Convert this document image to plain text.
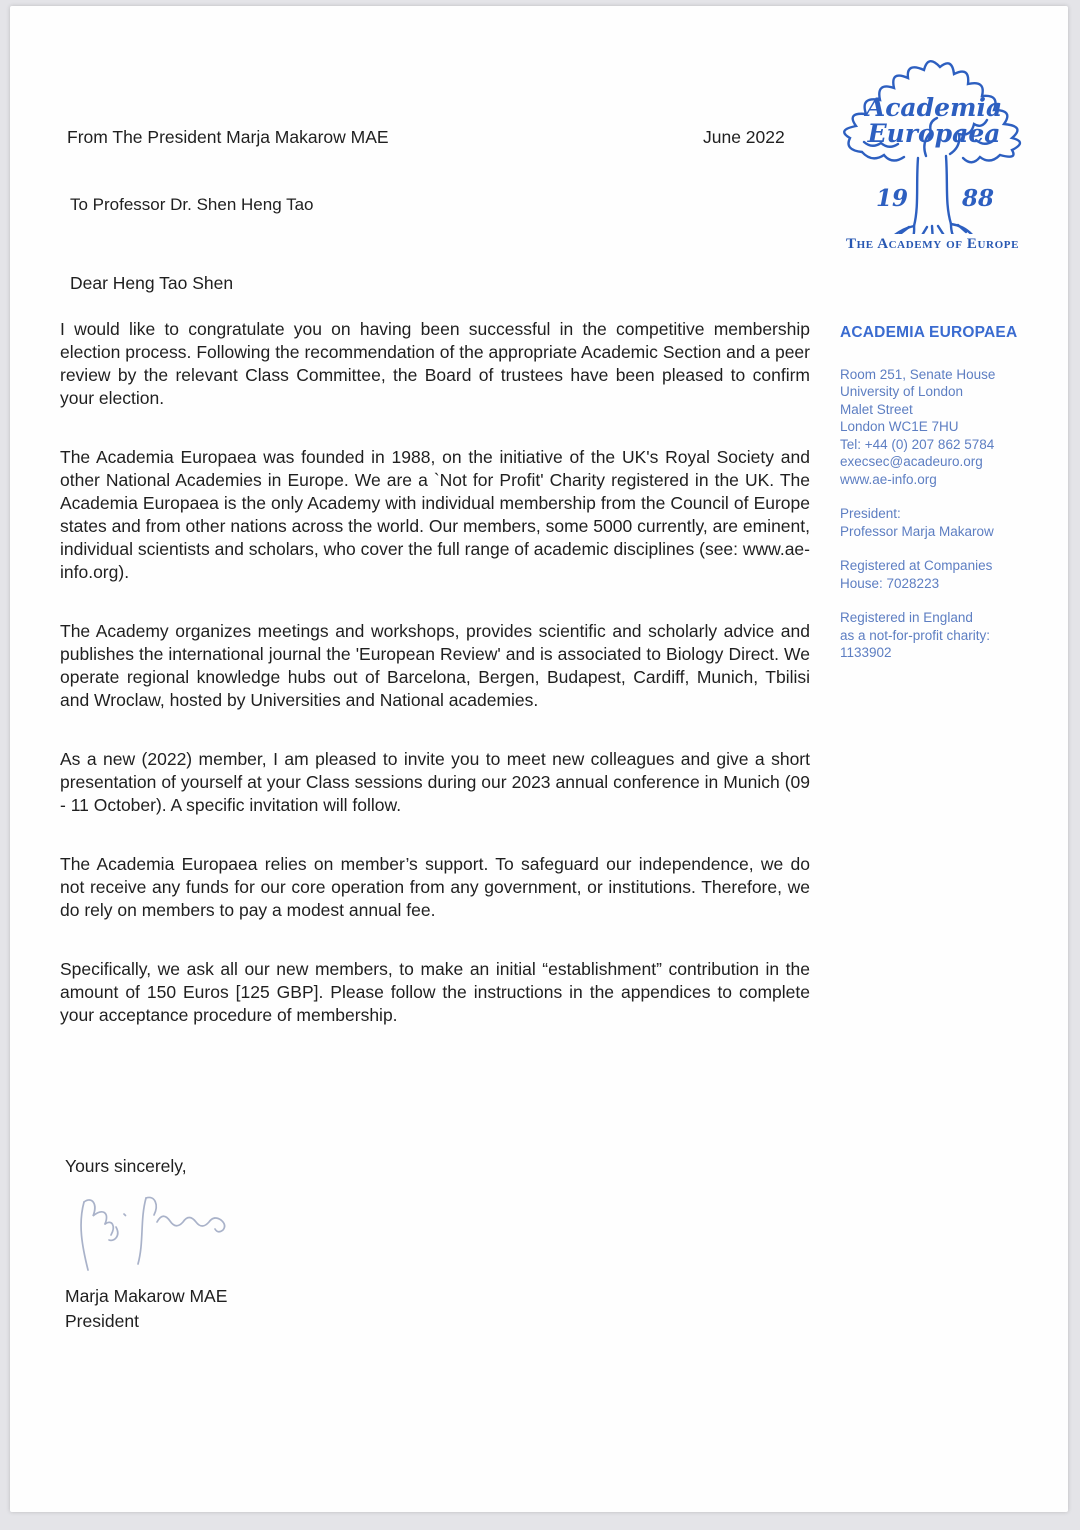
From The President Marja Makarow MAE	June 2022
To Professor Dr. Shen Heng Tao
Dear Heng Tao Shen
Academia
Europaea
19 88
The Academy of Europe
ACADEMIA EUROPAEA
Room 251, Senate House
University of London
Malet Street
London WC1E 7HU
Tel: +44 (0) 207 862 5784
execsec@acadeuro.org
www.ae-info.org
President:
Professor Marja Makarow
Registered at Companies
House: 7028223
Registered in England
as a not-for-profit charity:
1133902

I would like to congratulate you on having been successful in the competitive membership election process. Following the recommendation of the appropriate Academic Section and a peer review by the relevant Class Committee, the Board of trustees have been pleased to confirm your election.

The Academia Europaea was founded in 1988, on the initiative of the UK's Royal Society and other National Academies in Europe. We are a `Not for Profit' Charity registered in the UK. The Academia Europaea is the only Academy with individual membership from the Council of Europe states and from other nations across the world. Our members, some 5000 currently, are eminent, individual scientists and scholars, who cover the full range of academic disciplines (see: www.ae-info.org).

The Academy organizes meetings and workshops, provides scientific and scholarly advice and publishes the international journal the 'European Review' and is associated to Biology Direct. We operate regional knowledge hubs out of Barcelona, Bergen, Budapest, Cardiff, Munich, Tbilisi and Wroclaw, hosted by Universities and National academies.

As a new (2022) member, I am pleased to invite you to meet new colleagues and give a short presentation of yourself at your Class sessions during our 2023 annual conference in Munich (09 - 11 October). A specific invitation will follow.

The Academia Europaea relies on member’s support. To safeguard our independence, we do not receive any funds for our core operation from any government, or institutions. Therefore, we do rely on members to pay a modest annual fee.

Specifically, we ask all our new members, to make an initial “establishment” contribution in the amount of 150 Euros [125 GBP]. Please follow the instructions in the appendices to complete your acceptance procedure of membership.

Yours sincerely,
Marja Makarow MAE
President
